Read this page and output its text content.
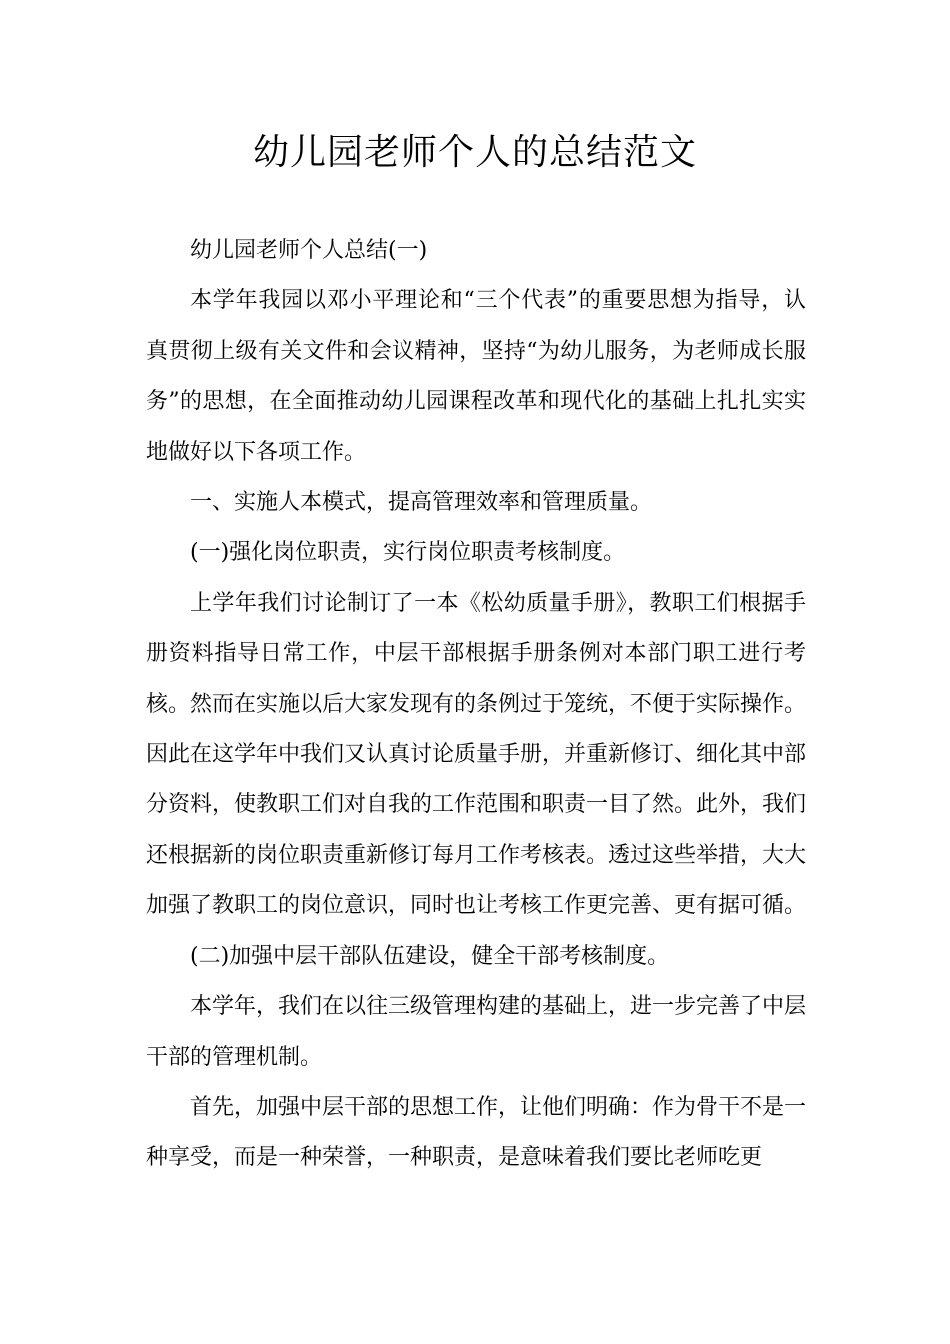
幼儿园老师个人的总结范文

幼儿园老师个人总结(一)

本学年我园以邓小平理论和“三个代表”的重要思想为指导，认真贯彻上级有关文件和会议精神，坚持“为幼儿服务，为老师成长服务”的思想，在全面推动幼儿园课程改革和现代化的基础上扎扎实实地做好以下各项工作。

一、实施人本模式，提高管理效率和管理质量。

(一)强化岗位职责，实行岗位职责考核制度。

上学年我们讨论制订了一本《松幼质量手册》，教职工们根据手册资料指导日常工作，中层干部根据手册条例对本部门职工进行考核。然而在实施以后大家发现有的条例过于笼统，不便于实际操作。因此在这学年中我们又认真讨论质量手册，并重新修订、细化其中部分资料，使教职工们对自我的工作范围和职责一目了然。此外，我们还根据新的岗位职责重新修订每月工作考核表。透过这些举措，大大加强了教职工的岗位意识，同时也让考核工作更完善、更有据可循。

(二)加强中层干部队伍建设，健全干部考核制度。

本学年，我们在以往三级管理构建的基础上，进一步完善了中层干部的管理机制。

首先，加强中层干部的思想工作，让他们明确：作为骨干不是一种享受，而是一种荣誉，一种职责，是意味着我们要比老师吃更
